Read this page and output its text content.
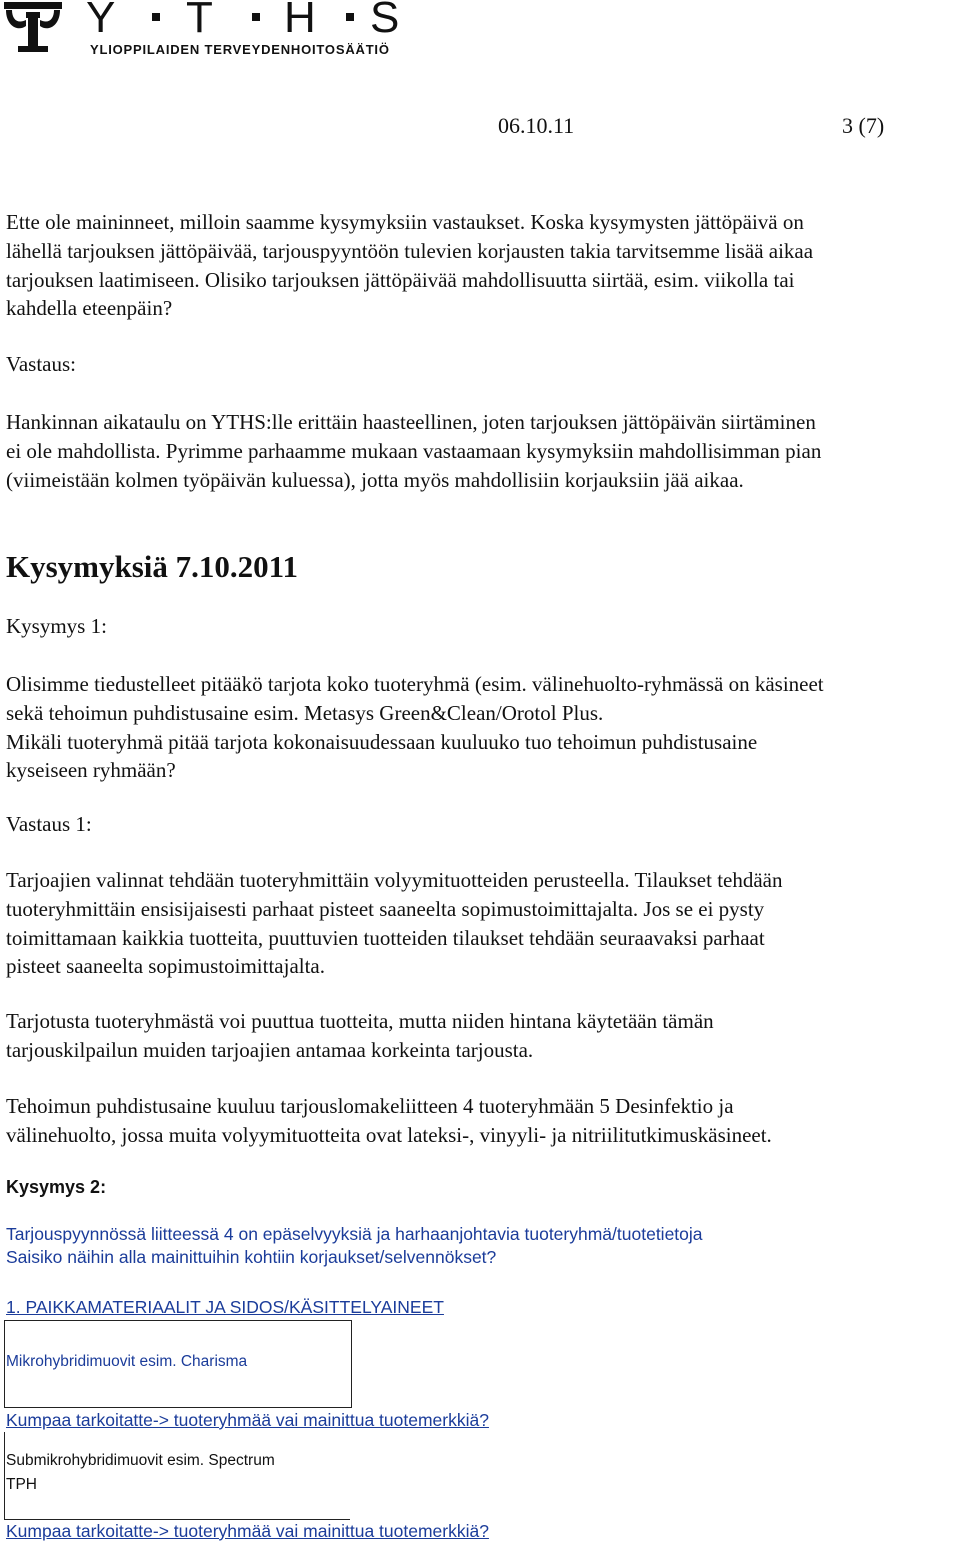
Y

T

H

S

YLIOPPILAIDEN TERVEYDENHOITOSÄÄTIÖ
06.10.11	3 (7)
Ette ole maininneet, milloin saamme kysymyksiin vastaukset. Koska kysymysten jättöpäivä on
lähellä tarjouksen jättöpäivää, tarjouspyyntöön tulevien korjausten takia tarvitsemme lisää aikaa
tarjouksen laatimiseen. Olisiko tarjouksen jättöpäivää mahdollisuutta siirtää, esim. viikolla tai
kahdella eteenpäin?
Vastaus:
Hankinnan aikataulu on YTHS:lle erittäin haasteellinen, joten tarjouksen jättöpäivän siirtäminen
ei ole mahdollista. Pyrimme parhaamme mukaan vastaamaan kysymyksiin mahdollisimman pian
(viimeistään kolmen työpäivän kuluessa), jotta myös mahdollisiin korjauksiin jää aikaa.
Kysymyksiä 7.10.2011
Kysymys 1:
Olisimme tiedustelleet pitääkö tarjota koko tuoteryhmä (esim. välinehuolto-ryhmässä on käsineet
sekä tehoimun puhdistusaine esim. Metasys Green&Clean/Orotol Plus.
Mikäli tuoteryhmä pitää tarjota kokonaisuudessaan kuuluuko tuo tehoimun puhdistusaine
kyseiseen ryhmään?
Vastaus 1:
Tarjoajien valinnat tehdään tuoteryhmittäin volyymituotteiden perusteella. Tilaukset tehdään
tuoteryhmittäin ensisijaisesti parhaat pisteet saaneelta sopimustoimittajalta. Jos se ei pysty
toimittamaan kaikkia tuotteita, puuttuvien tuotteiden tilaukset tehdään seuraavaksi parhaat
pisteet saaneelta sopimustoimittajalta.
Tarjotusta tuoteryhmästä voi puuttua tuotteita, mutta niiden hintana käytetään tämän
tarjouskilpailun muiden tarjoajien antamaa korkeinta tarjousta.
Tehoimun puhdistusaine kuuluu tarjouslomakeliitteen 4 tuoteryhmään 5 Desinfektio ja
välinehuolto, jossa muita volyymituotteita ovat lateksi-, vinyyli- ja nitriilitutkimuskäsineet.
Kysymys 2:
Tarjouspyynnössä liitteessä 4 on epäselvyyksiä ja harhaanjohtavia tuoteryhmä/tuotetietoja
Saisiko näihin alla mainittuihin kohtiin korjaukset/selvennökset?
1. PAIKKAMATERIAALIT JA SIDOS/KÄSITTELYAINEET
Mikrohybridimuovit esim. Charisma
Kumpaa tarkoitatte-> tuoteryhmää vai mainittua tuotemerkkiä?
Submikrohybridimuovit esim. Spectrum
TPH
Kumpaa tarkoitatte-> tuoteryhmää vai mainittua tuotemerkkiä?
